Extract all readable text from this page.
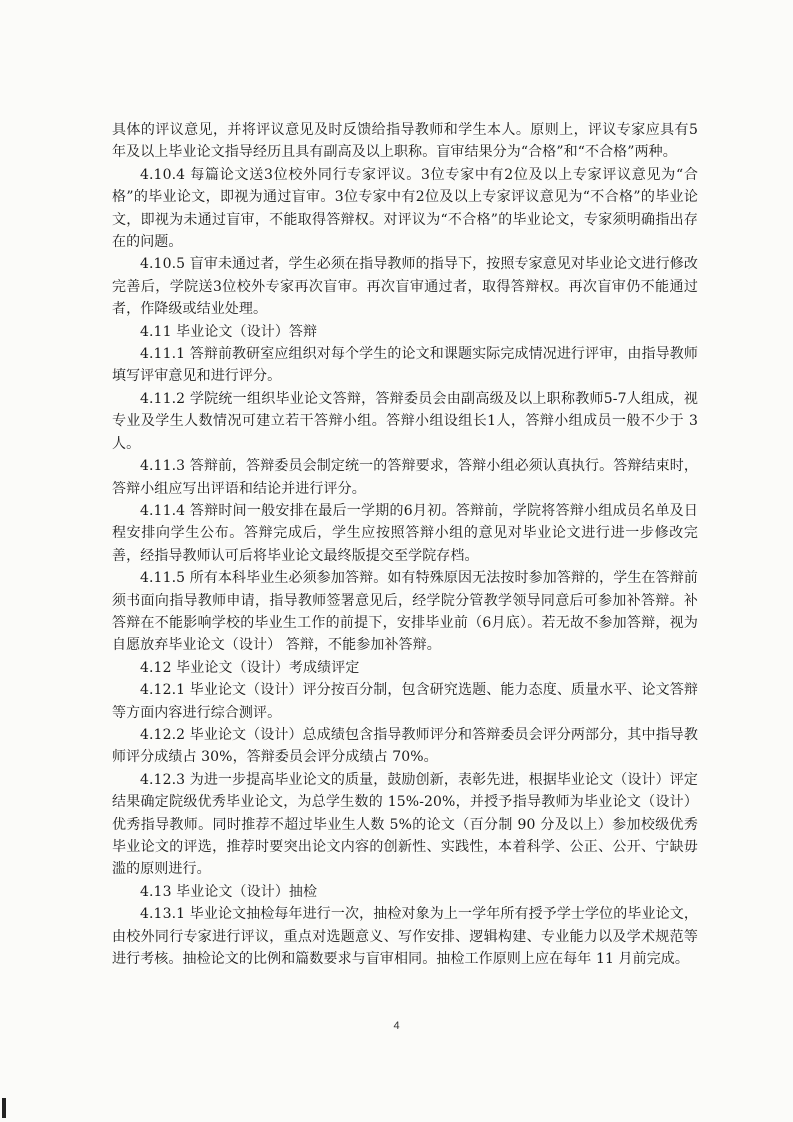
具体的评议意见，并将评议意见及时反馈给指导教师和学生本人。原则上，评议专家应具有5年及以上毕业论文指导经历且具有副高及以上职称。盲审结果分为“合格”和“不合格”两种。

4.10.4 每篇论文送3位校外同行专家评议。3位专家中有2位及以上专家评议意见为“合格”的毕业论文，即视为通过盲审。3位专家中有2位及以上专家评议意见为“不合格”的毕业论文，即视为未通过盲审，不能取得答辩权。对评议为“不合格”的毕业论文，专家须明确指出存在的问题。

4.10.5 盲审未通过者，学生必须在指导教师的指导下，按照专家意见对毕业论文进行修改完善后，学院送3位校外专家再次盲审。再次盲审通过者，取得答辩权。再次盲审仍不能通过者，作降级或结业处理。

4.11 毕业论文（设计）答辩

4.11.1 答辩前教研室应组织对每个学生的论文和课题实际完成情况进行评审，由指导教师填写评审意见和进行评分。

4.11.2 学院统一组织毕业论文答辩，答辩委员会由副高级及以上职称教师5-7人组成，视专业及学生人数情况可建立若干答辩小组。答辩小组设组长1人，答辩小组成员一般不少于 3 人。

4.11.3 答辩前，答辩委员会制定统一的答辩要求，答辩小组必须认真执行。答辩结束时，答辩小组应写出评语和结论并进行评分。

4.11.4 答辩时间一般安排在最后一学期的6月初。答辩前，学院将答辩小组成员名单及日程安排向学生公布。答辩完成后，学生应按照答辩小组的意见对毕业论文进行进一步修改完善，经指导教师认可后将毕业论文最终版提交至学院存档。

4.11.5 所有本科毕业生必须参加答辩。如有特殊原因无法按时参加答辩的，学生在答辩前须书面向指导教师申请，指导教师签署意见后，经学院分管教学领导同意后可参加补答辩。补答辩在不能影响学校的毕业生工作的前提下，安排毕业前（6月底）。若无故不参加答辩，视为自愿放弃毕业论文（设计） 答辩，不能参加补答辩。

4.12 毕业论文（设计）考成绩评定

4.12.1 毕业论文（设计）评分按百分制，包含研究选题、能力态度、质量水平、论文答辩等方面内容进行综合测评。

4.12.2 毕业论文（设计）总成绩包含指导教师评分和答辩委员会评分两部分，其中指导教师评分成绩占 30%，答辩委员会评分成绩占 70%。

4.12.3 为进一步提高毕业论文的质量，鼓励创新，表彰先进，根据毕业论文（设计）评定结果确定院级优秀毕业论文，为总学生数的 15%-20%，并授予指导教师为毕业论文（设计）优秀指导教师。同时推荐不超过毕业生人数 5%的论文（百分制 90 分及以上）参加校级优秀毕业论文的评选，推荐时要突出论文内容的创新性、实践性，本着科学、公正、公开、宁缺毋滥的原则进行。

4.13 毕业论文（设计）抽检

4.13.1 毕业论文抽检每年进行一次，抽检对象为上一学年所有授予学士学位的毕业论文，由校外同行专家进行评议，重点对选题意义、写作安排、逻辑构建、专业能力以及学术规范等进行考核。抽检论文的比例和篇数要求与盲审相同。抽检工作原则上应在每年 11 月前完成。

4
